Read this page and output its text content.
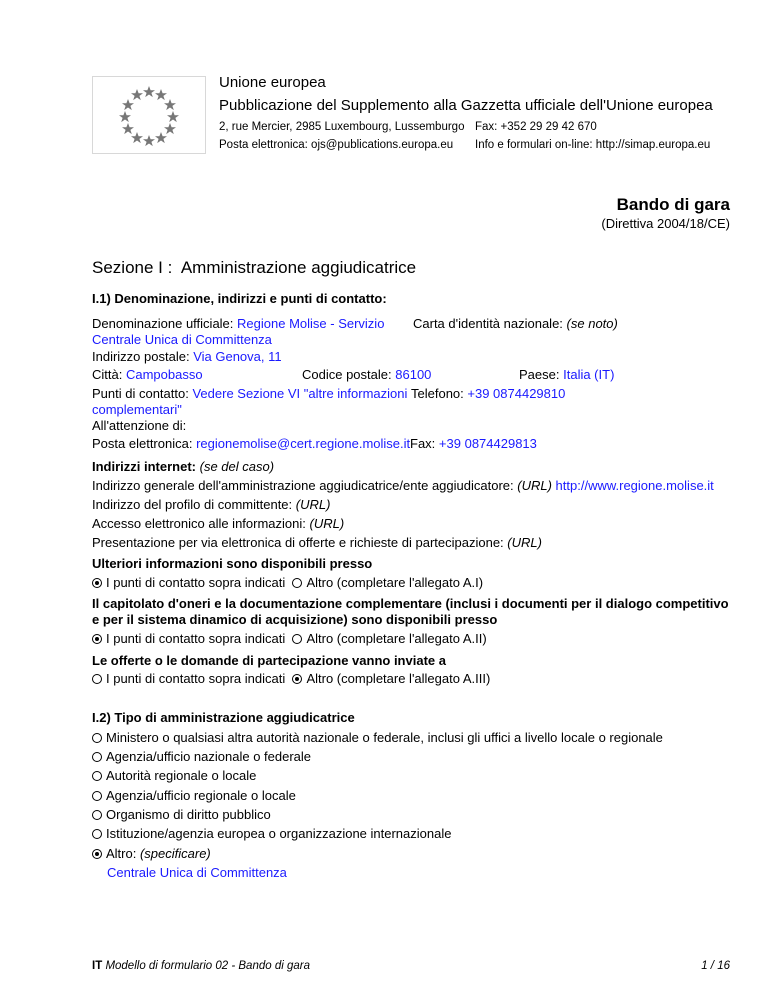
Unione europea
Pubblicazione del Supplemento alla Gazzetta ufficiale dell'Unione europea
2, rue Mercier, 2985 Luxembourg, Lussemburgo Fax: +352 29 29 42 670
Posta elettronica: ojs@publications.europa.eu Info e formulari on-line: http://simap.europa.eu
Bando di gara
(Direttiva 2004/18/CE)
Sezione I :  Amministrazione aggiudicatrice
I.1) Denominazione, indirizzi e punti di contatto:
Denominazione ufficiale: Regione Molise - Servizio
Centrale Unica di Committenza
Carta d'identità nazionale: (se noto)
Indirizzo postale: Via Genova, 11
Città: Campobasso	Codice postale: 86100	Paese: Italia (IT)
Punti di contatto: Vedere Sezione VI "altre informazioni
complementari"
Telefono: +39 0874429810
All'attenzione di:
Posta elettronica: regionemolise@cert.regione.molise.it Fax: +39 0874429813
Indirizzi internet: (se del caso)
Indirizzo generale dell'amministrazione aggiudicatrice/ente aggiudicatore: (URL) http://www.regione.molise.it
Indirizzo del profilo di committente: (URL)
Accesso elettronico alle informazioni: (URL)
Presentazione per via elettronica di offerte e richieste di partecipazione: (URL)
Ulteriori informazioni sono disponibili presso
I punti di contatto sopra indicati Altro (completare l'allegato A.I)
Il capitolato d'oneri e la documentazione complementare (inclusi i documenti per il dialogo competitivo
e per il sistema dinamico di acquisizione) sono disponibili presso
I punti di contatto sopra indicati Altro (completare l'allegato A.II)
Le offerte o le domande di partecipazione vanno inviate a
I punti di contatto sopra indicati Altro (completare l'allegato A.III)
I.2) Tipo di amministrazione aggiudicatrice
Ministero o qualsiasi altra autorità nazionale o federale, inclusi gli uffici a livello locale o regionale
Agenzia/ufficio nazionale o federale
Autorità regionale o locale
Agenzia/ufficio regionale o locale
Organismo di diritto pubblico
Istituzione/agenzia europea o organizzazione internazionale
Altro: (specificare)
Centrale Unica di Committenza
IT Modello di formulario 02 - Bando di gara	1 / 16
